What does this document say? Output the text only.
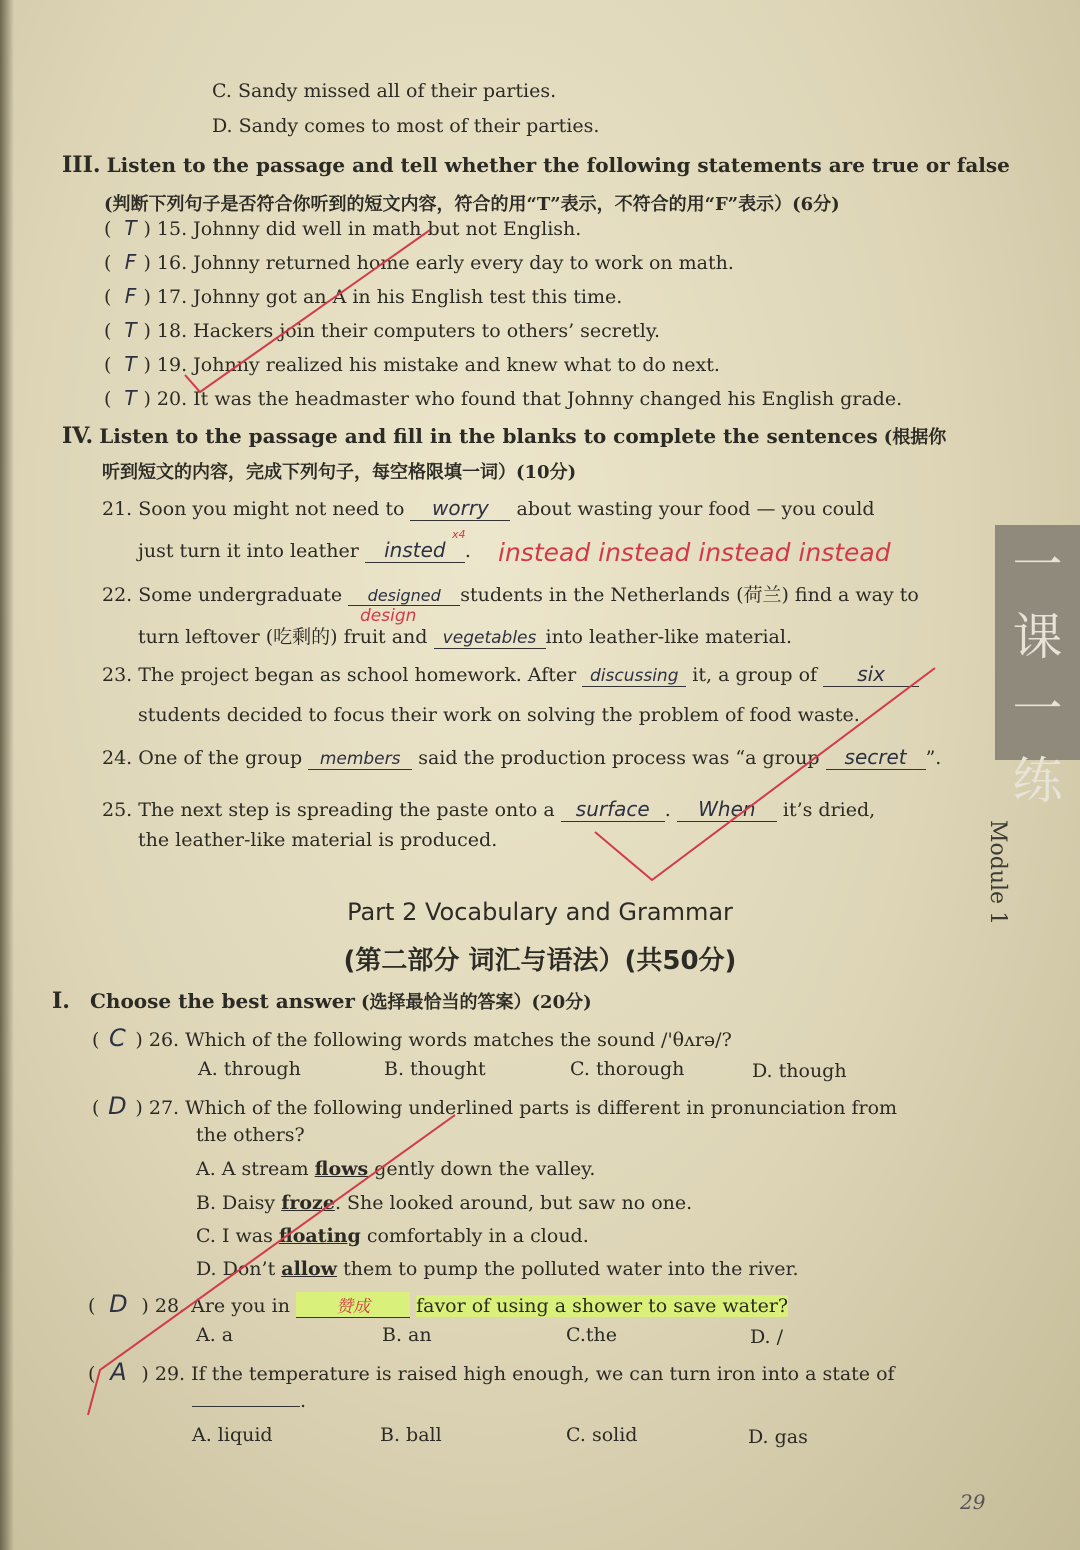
C. Sandy missed all of their parties.
D. Sandy comes to most of their parties.
III. Listen to the passage and tell whether the following statements are true or false
(判断下列句子是否符合你听到的短文内容，符合的用“T”表示，不符合的用“F”表示）(6分)
( T ) 15. Johnny did well in math but not English.
( F ) 16. Johnny returned home early every day to work on math.
( F ) 17. Johnny got an A in his English test this time.
( T ) 18. Hackers join their computers to others’ secretly.
( T ) 19. Johnny realized his mistake and knew what to do next.
( T ) 20. It was the headmaster who found that Johnny changed his English grade.
IV. Listen to the passage and fill in the blanks to complete the sentences (根据你
听到短文的内容，完成下列句子，每空格限填一词）(10分)
21. Soon you might not need to worry about wasting your food — you could
just turn it into leather insted .
x4
instead instead instead instead
22. Some undergraduate designed students in the Netherlands (荷兰) find a way to
design
turn leftover (吃剩的) fruit and vegetables into leather-like material.
23. The project began as school homework. After discussing it, a group of six
students decided to focus their work on solving the problem of food waste.
24. One of the group members said the production process was “a group secret ”.
25. The next step is spreading the paste onto a surface . When it’s dried,
the leather-like material is produced.
Part 2 Vocabulary and Grammar
(第二部分 词汇与语法）(共50分)
I. Choose the best answer (选择最恰当的答案）(20分)
( C ) 26. Which of the following words matches the sound /'θʌrə/?
A. through	B. thought	C. thorough	D. though
( D ) 27. Which of the following underlined parts is different in pronunciation from
the others?
A. A stream flows gently down the valley.
B. Daisy froze. She looked around, but saw no one.
C. I was floating comfortably in a cloud.
D. Don’t allow them to pump the polluted water into the river.
( D ) 28. Are you in	赞成 favor of using a shower to save water?
A. a	B. an	C.the	D. /
( A ) 29. If the temperature is raised high enough, we can turn iron into a state of
.
A. liquid	B. ball	C. solid	D. gas
一
课
一
练
Module 1
29
